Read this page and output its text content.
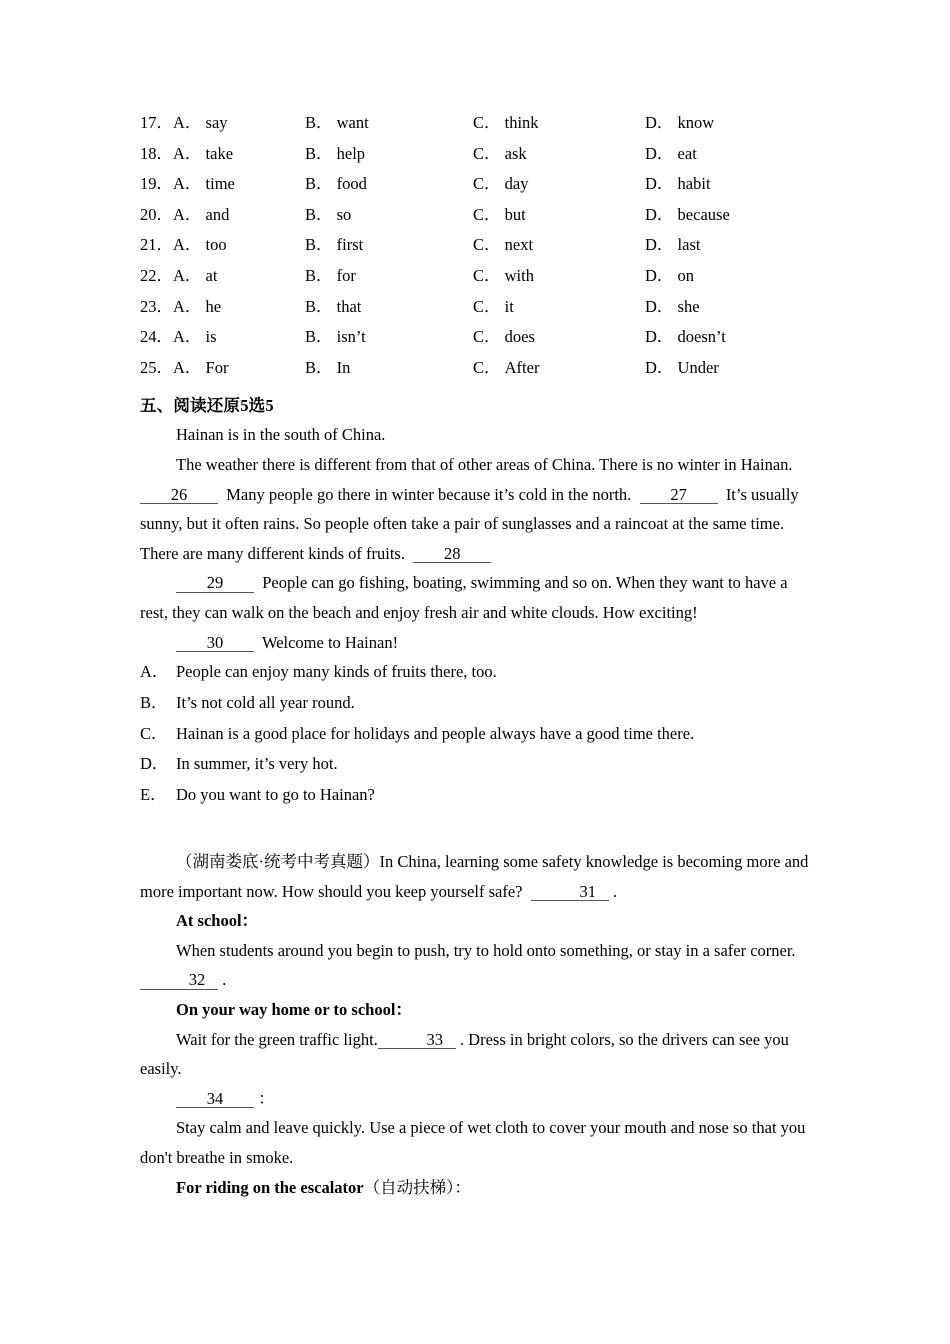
17． A． say	B． want	C． think	D． know
18． A． take	B． help	C． ask	D． eat
19． A． time	B． food	C． day	D． habit
20． A． and	B． so	C． but	D． because
21． A． too	B． first	C． next	D． last
22． A． at	B． for	C． with	D． on
23． A． he	B． that	C． it	D． she
24． A． is	B． isn’t	C． does	D． doesn’t
25． A． For	B． In	C． After	D． Under
五、阅读还原5选5
Hainan is in the south of China.
The weather there is different from that of other areas of China. There is no winter in Hainan.
26 Many people go there in winter because it’s cold in the north. 27 It’s usually sunny, but it often rains. So people often take a pair of sunglasses and a raincoat at the same time. There are many different kinds of fruits. 28
29 People can go fishing, boating, swimming and so on. When they want to have a rest, they can walk on the beach and enjoy fresh air and white clouds. How exciting!
30 Welcome to Hainan!
A． People can enjoy many kinds of fruits there, too.
B． It’s not cold all year round.
C． Hainan is a good place for holidays and people always have a good time there.
D． In summer, it’s very hot.
E． Do you want to go to Hainan?
（湖南娄底·统考中考真题）In China, learning some safety knowledge is becoming more and more important now. How should you keep yourself safe?	31 .
At school：
When students around you begin to push, try to hold onto something, or stay in a safer corner.32 .
On your way home or to school：
Wait for the green traffic light.	33 . Dress in bright colors, so the drivers can see you easily.
34 ：
Stay calm and leave quickly. Use a piece of wet cloth to cover your mouth and nose so that you don't breathe in smoke.
For riding on the escalator（自动扶梯）：
